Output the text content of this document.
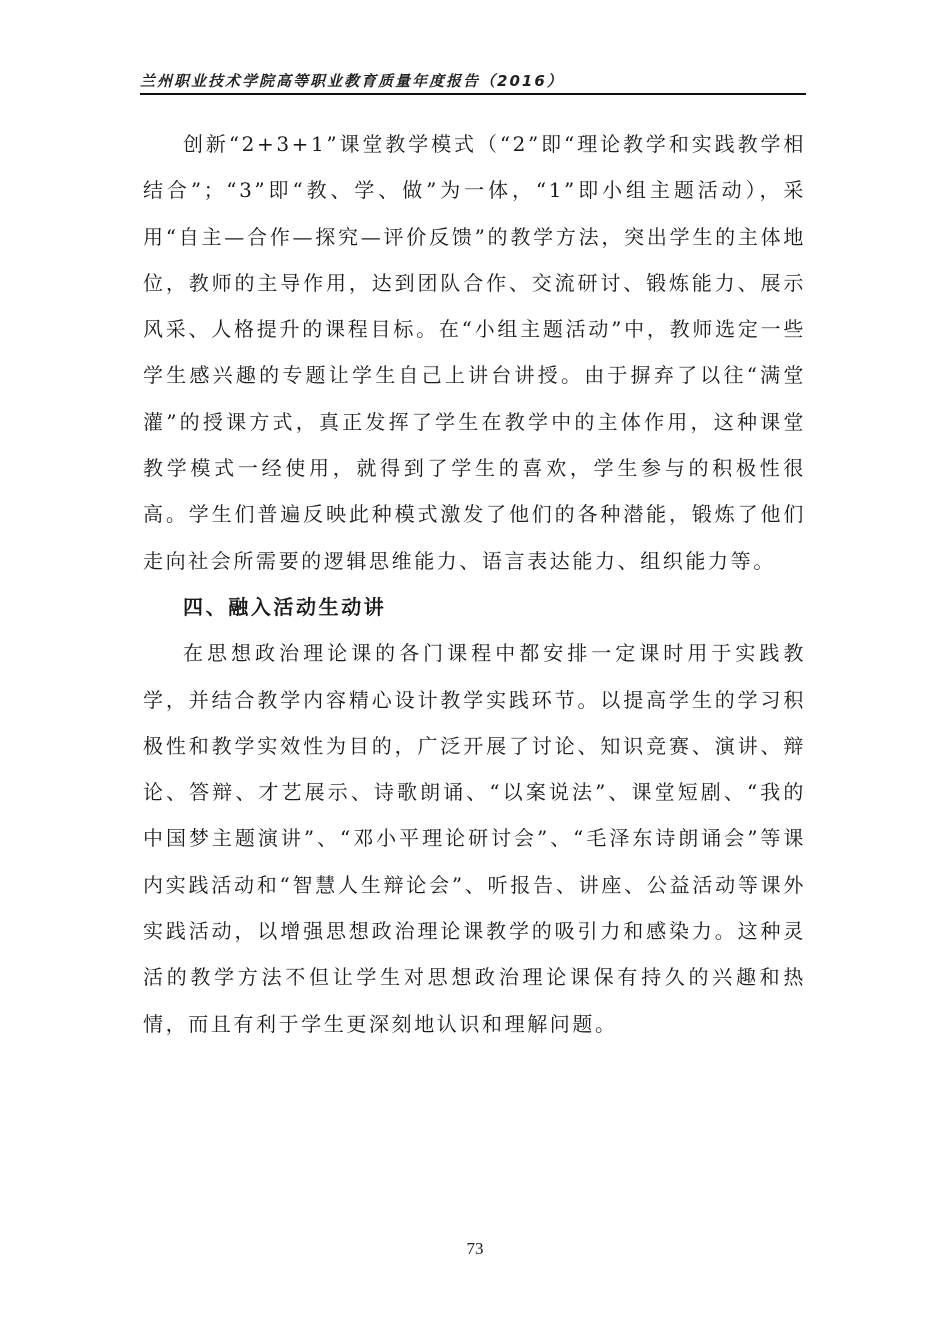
兰州职业技术学院高等职业教育质量年度报告（2016）

创新“2+3+1”课堂教学模式（“2”即“理论教学和实践教学相结合”；“3”即“教、学、做”为一体，“1”即小组主题活动），采用“自主—合作—探究—评价反馈”的教学方法，突出学生的主体地位，教师的主导作用，达到团队合作、交流研讨、锻炼能力、展示风采、人格提升的课程目标。在“小组主题活动”中，教师选定一些学生感兴趣的专题让学生自己上讲台讲授。由于摒弃了以往“满堂灌”的授课方式，真正发挥了学生在教学中的主体作用，这种课堂教学模式一经使用，就得到了学生的喜欢，学生参与的积极性很高。学生们普遍反映此种模式激发了他们的各种潜能，锻炼了他们走向社会所需要的逻辑思维能力、语言表达能力、组织能力等。

四、融入活动生动讲

在思想政治理论课的各门课程中都安排一定课时用于实践教学，并结合教学内容精心设计教学实践环节。以提高学生的学习积极性和教学实效性为目的，广泛开展了讨论、知识竞赛、演讲、辩论、答辩、才艺展示、诗歌朗诵、“以案说法”、课堂短剧、“我的中国梦主题演讲”、“邓小平理论研讨会”、“毛泽东诗朗诵会”等课内实践活动和“智慧人生辩论会”、听报告、讲座、公益活动等课外实践活动，以增强思想政治理论课教学的吸引力和感染力。这种灵活的教学方法不但让学生对思想政治理论课保有持久的兴趣和热情，而且有利于学生更深刻地认识和理解问题。

73
